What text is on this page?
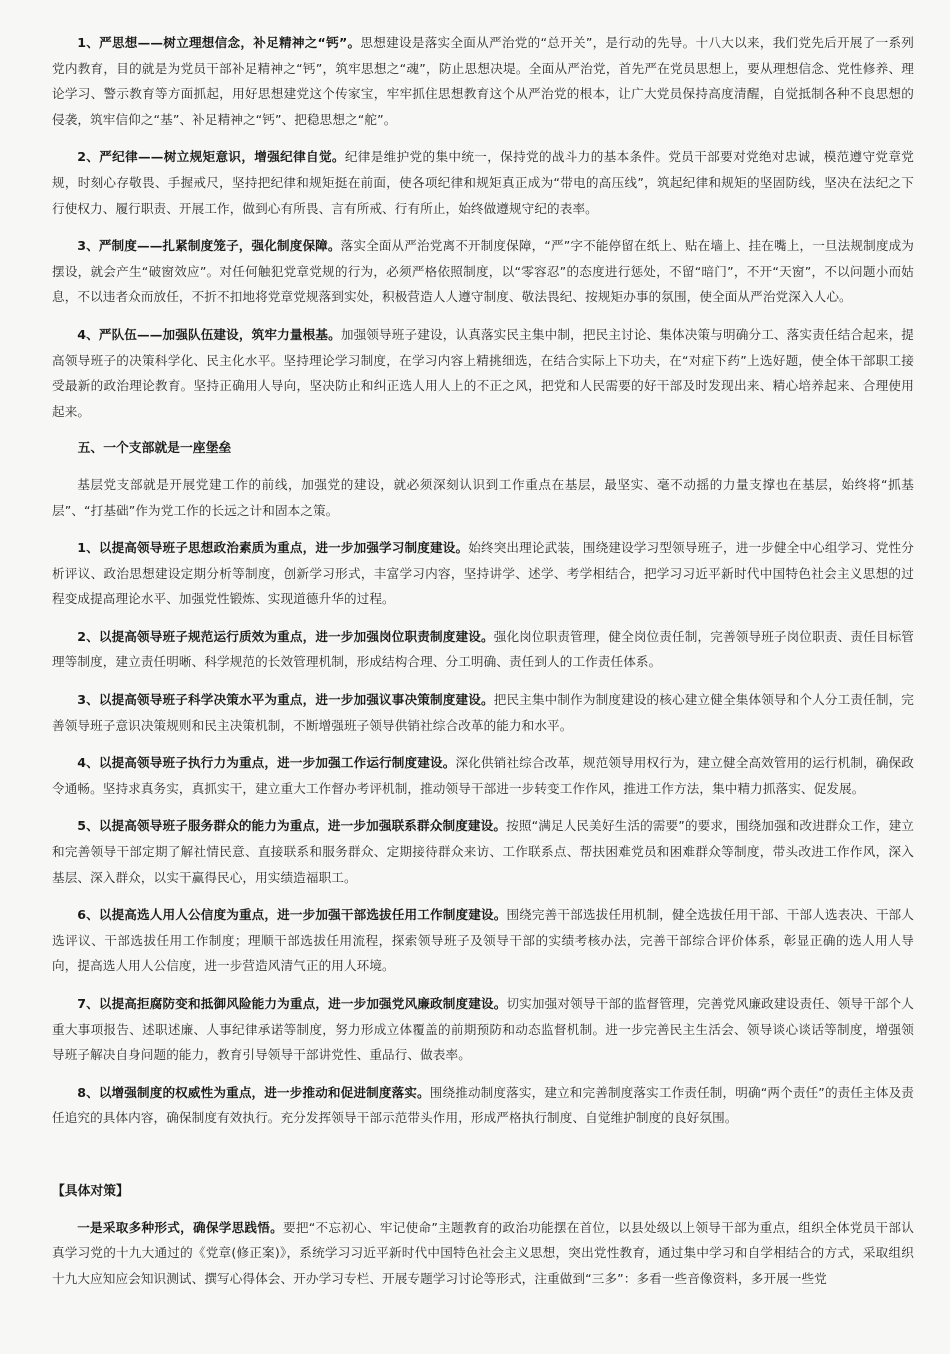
1、严思想——树立理想信念，补足精神之“钙”。思想建设是落实全面从严治党的“总开关”，是行动的先导。十八大以来，我们党先后开展了一系列党内教育，目的就是为党员干部补足精神之“钙”，筑牢思想之“魂”，防止思想决堤。全面从严治党，首先严在党员思想上，要从理想信念、党性修养、理论学习、警示教育等方面抓起，用好思想建党这个传家宝，牢牢抓住思想教育这个从严治党的根本，让广大党员保持高度清醒，自觉抵制各种不良思想的侵袭，筑牢信仰之“基”、补足精神之“钙”、把稳思想之“舵”。

2、严纪律——树立规矩意识，增强纪律自觉。纪律是维护党的集中统一，保持党的战斗力的基本条件。党员干部要对党绝对忠诚，模范遵守党章党规，时刻心存敬畏、手握戒尺，坚持把纪律和规矩挺在前面，使各项纪律和规矩真正成为“带电的高压线”，筑起纪律和规矩的坚固防线，坚决在法纪之下行使权力、履行职责、开展工作，做到心有所畏、言有所戒、行有所止，始终做遵规守纪的表率。

3、严制度——扎紧制度笼子，强化制度保障。落实全面从严治党离不开制度保障，“严”字不能停留在纸上、贴在墙上、挂在嘴上，一旦法规制度成为摆设，就会产生“破窗效应”。对任何触犯党章党规的行为，必须严格依照制度，以“零容忍”的态度进行惩处，不留“暗门”，不开“天窗”，不以问题小而姑息，不以违者众而放任，不折不扣地将党章党规落到实处，积极营造人人遵守制度、敬法畏纪、按规矩办事的氛围，使全面从严治党深入人心。

4、严队伍——加强队伍建设，筑牢力量根基。加强领导班子建设，认真落实民主集中制，把民主讨论、集体决策与明确分工、落实责任结合起来，提高领导班子的决策科学化、民主化水平。坚持理论学习制度，在学习内容上精挑细选，在结合实际上下功夫，在“对症下药”上选好题，使全体干部职工接受最新的政治理论教育。坚持正确用人导向，坚决防止和纠正选人用人上的不正之风，把党和人民需要的好干部及时发现出来、精心培养起来、合理使用起来。

五、一个支部就是一座堡垒

基层党支部就是开展党建工作的前线，加强党的建设，就必须深刻认识到工作重点在基层，最坚实、毫不动摇的力量支撑也在基层，始终将“抓基层”、“打基础”作为党工作的长远之计和固本之策。

1、以提高领导班子思想政治素质为重点，进一步加强学习制度建设。始终突出理论武装，围绕建设学习型领导班子，进一步健全中心组学习、党性分析评议、政治思想建设定期分析等制度，创新学习形式，丰富学习内容，坚持讲学、述学、考学相结合，把学习习近平新时代中国特色社会主义思想的过程变成提高理论水平、加强党性锻炼、实现道德升华的过程。

2、以提高领导班子规范运行质效为重点，进一步加强岗位职责制度建设。强化岗位职责管理，健全岗位责任制，完善领导班子岗位职责、责任目标管理等制度，建立责任明晰、科学规范的长效管理机制，形成结构合理、分工明确、责任到人的工作责任体系。

3、以提高领导班子科学决策水平为重点，进一步加强议事决策制度建设。把民主集中制作为制度建设的核心建立健全集体领导和个人分工责任制，完善领导班子意识决策规则和民主决策机制，不断增强班子领导供销社综合改革的能力和水平。

4、以提高领导班子执行力为重点，进一步加强工作运行制度建设。深化供销社综合改革，规范领导用权行为，建立健全高效管用的运行机制，确保政令通畅。坚持求真务实，真抓实干，建立重大工作督办考评机制，推动领导干部进一步转变工作作风，推进工作方法，集中精力抓落实、促发展。

5、以提高领导班子服务群众的能力为重点，进一步加强联系群众制度建设。按照“满足人民美好生活的需要”的要求，围绕加强和改进群众工作，建立和完善领导干部定期了解社情民意、直接联系和服务群众、定期接待群众来访、工作联系点、帮扶困难党员和困难群众等制度，带头改进工作作风，深入基层、深入群众，以实干赢得民心，用实绩造福职工。

6、以提高选人用人公信度为重点，进一步加强干部选拔任用工作制度建设。围绕完善干部选拔任用机制，健全选拔任用干部、干部人选表决、干部人选评议、干部选拔任用工作制度；理顺干部选拔任用流程，探索领导班子及领导干部的实绩考核办法，完善干部综合评价体系，彰显正确的选人用人导向，提高选人用人公信度，进一步营造风清气正的用人环境。

7、以提高拒腐防变和抵御风险能力为重点，进一步加强党风廉政制度建设。切实加强对领导干部的监督管理，完善党风廉政建设责任、领导干部个人重大事项报告、述职述廉、人事纪律承诺等制度，努力形成立体覆盖的前期预防和动态监督机制。进一步完善民主生活会、领导谈心谈话等制度，增强领导班子解决自身问题的能力，教育引导领导干部讲党性、重品行、做表率。

8、以增强制度的权威性为重点，进一步推动和促进制度落实。围绕推动制度落实，建立和完善制度落实工作责任制，明确“两个责任”的责任主体及责任追究的具体内容，确保制度有效执行。充分发挥领导干部示范带头作用，形成严格执行制度、自觉维护制度的良好氛围。

【具体对策】

一是采取多种形式，确保学思践悟。要把“不忘初心、牢记使命”主题教育的政治功能摆在首位，以县处级以上领导干部为重点，组织全体党员干部认真学习党的十九大通过的《党章(修正案)》，系统学习习近平新时代中国特色社会主义思想，突出党性教育，通过集中学习和自学相结合的方式，采取组织十九大应知应会知识测试、撰写心得体会、开办学习专栏、开展专题学习讨论等形式，注重做到“三多”：多看一些音像资料，多开展一些党
